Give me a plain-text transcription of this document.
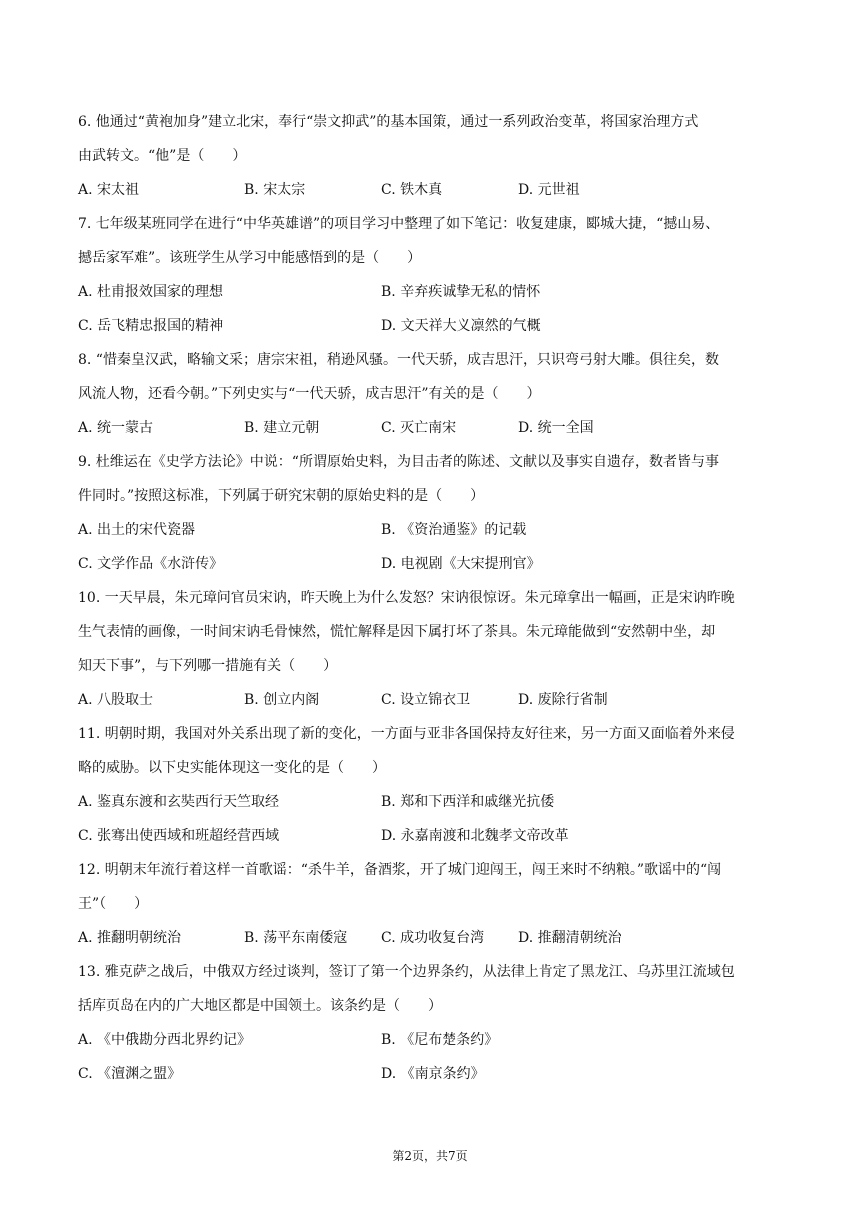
6. 他通过“黄袍加身”建立北宋，奉行“崇文抑武”的基本国策，通过一系列政治变革，将国家治理方式
由武转文。“他”是（　　）
A. 宋太祖	B. 宋太宗	C. 铁木真	D. 元世祖
7. 七年级某班同学在进行“中华英雄谱”的项目学习中整理了如下笔记：收复建康，郾城大捷，“撼山易、
撼岳家军难”。该班学生从学习中能感悟到的是（　　）
A. 杜甫报效国家的理想	B. 辛弃疾诚挚无私的情怀
C. 岳飞精忠报国的精神	D. 文天祥大义凛然的气概
8. “惜秦皇汉武，略输文采；唐宗宋祖，稍逊风骚。一代天骄，成吉思汗，只识弯弓射大雕。俱往矣，数
风流人物，还看今朝。”下列史实与“一代天骄，成吉思汗”有关的是（　　）
A. 统一蒙古	B. 建立元朝	C. 灭亡南宋	D. 统一全国
9. 杜维运在《史学方法论》中说：“所谓原始史料，为目击者的陈述、文献以及事实自遗存，数者皆与事
件同时。”按照这标准，下列属于研究宋朝的原始史料的是（　　）
A. 出土的宋代瓷器	B. 《资治通鉴》的记载
C. 文学作品《水浒传》	D. 电视剧《大宋提刑官》
10. 一天早晨，朱元璋问官员宋讷，昨天晚上为什么发怒？宋讷很惊讶。朱元璋拿出一幅画，正是宋讷昨晚
生气表情的画像，一时间宋讷毛骨悚然，慌忙解释是因下属打坏了茶具。朱元璋能做到“安然朝中坐，却
知天下事”，与下列哪一措施有关（　　）
A. 八股取士	B. 创立内阁	C. 设立锦衣卫	D. 废除行省制
11. 明朝时期，我国对外关系出现了新的变化，一方面与亚非各国保持友好往来，另一方面又面临着外来侵
略的威胁。以下史实能体现这一变化的是（　　）
A. 鉴真东渡和玄奘西行天竺取经	B. 郑和下西洋和戚继光抗倭
C. 张骞出使西域和班超经营西域	D. 永嘉南渡和北魏孝文帝改革
12. 明朝末年流行着这样一首歌谣：“杀牛羊，备酒浆，开了城门迎闯王，闯王来时不纳粮。”歌谣中的“闯
王”（　　）
A. 推翻明朝统治	B. 荡平东南倭寇 C. 成功收复台湾 D. 推翻清朝统治
13. 雅克萨之战后，中俄双方经过谈判，签订了第一个边界条约，从法律上肯定了黑龙江、乌苏里江流域包
括库页岛在内的广大地区都是中国领土。该条约是（　　）
A. 《中俄勘分西北界约记》	B. 《尼布楚条约》
C. 《澶渊之盟》	D. 《南京条约》
第2页，共7页
